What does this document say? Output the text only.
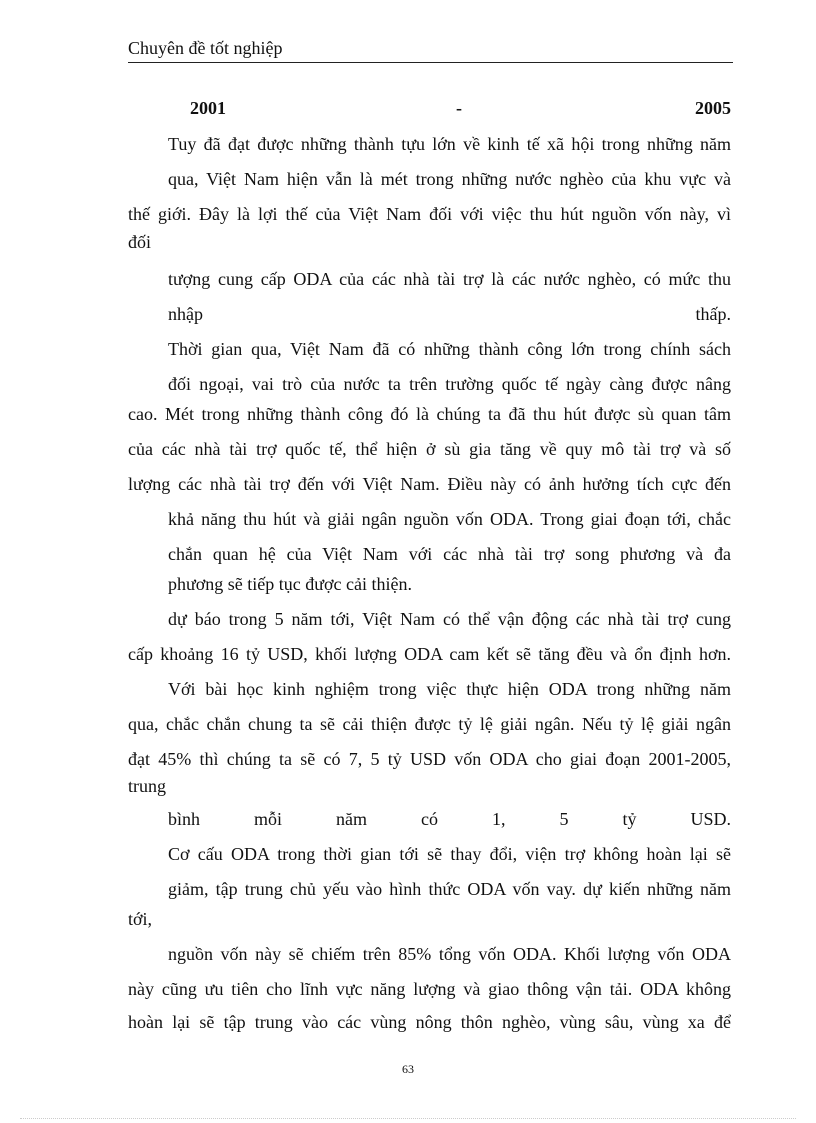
Chuyên đề tốt nghiệp
2001	-	2005
Tuy đã đạt được những thành tựu lớn về kinh tế xã hội trong những năm
qua, Việt Nam hiện vẫn là mét trong những nước nghèo của khu vực và
thế giới. Đây là lợi thế của Việt Nam đối với việc thu hút nguồn vốn này, vì
đối
tượng cung cấp ODA của các nhà tài trợ là các nước nghèo, có mức thu
nhập thấp.
Thời gian qua, Việt Nam đã có những thành công lớn trong chính sách
đối ngoại, vai trò của nước ta trên trường quốc tế ngày càng được nâng
cao. Mét trong những thành công đó là chúng ta đã thu hút được sù quan tâm
của các nhà tài trợ quốc tế, thể hiện ở sù gia tăng về quy mô tài trợ và số
lượng các nhà tài trợ đến với Việt Nam. Điều này có ảnh hưởng tích cực đến
khả năng thu hút và giải ngân nguồn vốn ODA. Trong giai đoạn tới, chắc
chắn quan hệ của Việt Nam với các nhà tài trợ song phương và đa
phương sẽ tiếp tục được cải thiện.
dự báo trong 5 năm tới, Việt Nam có thể vận động các nhà tài trợ cung
cấp khoảng 16 tỷ USD, khối lượng ODA cam kết sẽ tăng đều và ổn định hơn.
Với bài học kinh nghiệm trong việc thực hiện ODA trong những năm
qua, chắc chắn chung ta sẽ cải thiện được tỷ lệ giải ngân. Nếu tỷ lệ giải ngân
đạt 45% thì chúng ta sẽ có 7, 5 tỷ USD vốn ODA cho giai đoạn 2001-2005,
trung
bình mỗi năm có 1, 5 tỷ USD.
Cơ cấu ODA trong thời gian tới sẽ thay đổi, viện trợ không hoàn lại sẽ
giảm, tập trung chủ yếu vào hình thức ODA vốn vay. dự kiến những năm
tới,
nguồn vốn này sẽ chiếm trên 85% tổng vốn ODA. Khối lượng vốn ODA
này cũng ưu tiên cho lĩnh vực năng lượng và giao thông vận tải. ODA không
hoàn lại sẽ tập trung vào các vùng nông thôn nghèo, vùng sâu, vùng xa để
63
